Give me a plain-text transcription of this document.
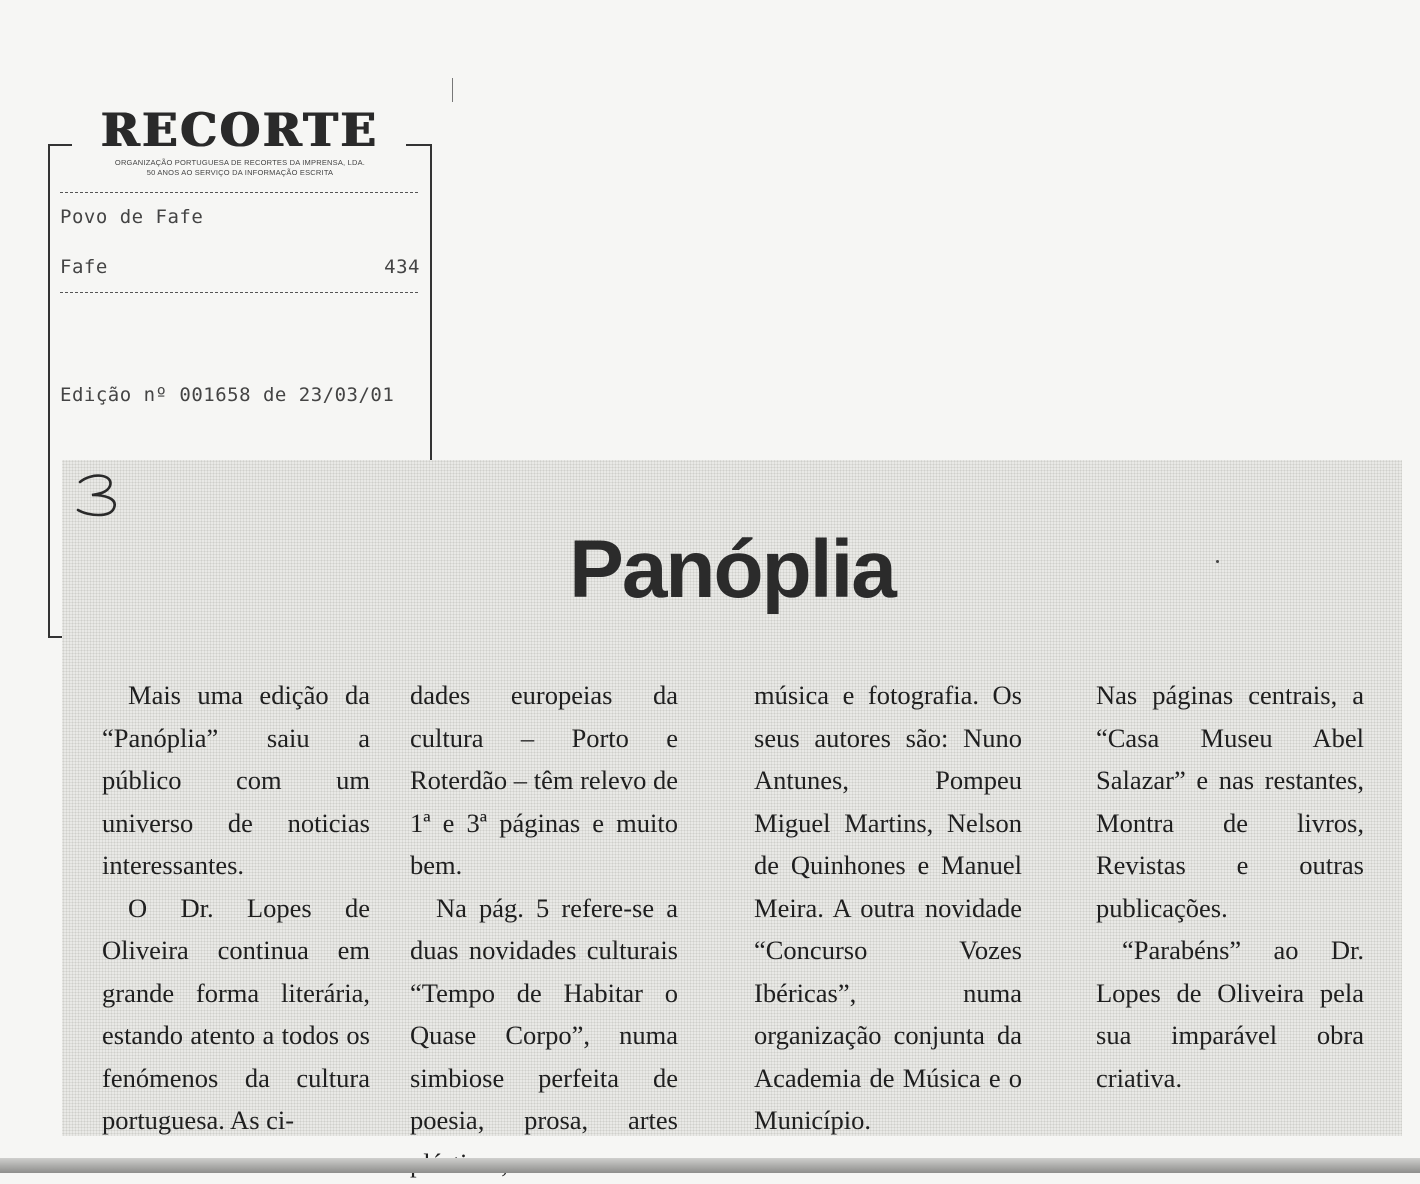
RECORTE
ORGANIZAÇÃO PORTUGUESA DE RECORTES DA IMPRENSA, LDA.
50 ANOS AO SERVIÇO DA INFORMAÇÃO ESCRITA
Povo de Fafe
Fafe	434
Edição nº 001658 de 23/03/01
Panóplia

Mais uma edição da “Panóplia” saiu a público com um universo de noticias interessantes.

O Dr. Lopes de Oliveira continua em grande forma literária, estando atento a todos os fenómenos da cultura portuguesa. As ci-

dades europeias da cultura – Porto e Roterdão – têm relevo de 1ª e 3ª páginas e muito bem.

Na pág. 5 refere-se a duas novidades culturais “Tempo de Habitar o Quase Corpo”, numa simbiose perfeita de poesia, prosa, artes

música e fotografia. Os seus autores são: Nuno Antunes, Pompeu Miguel Martins, Nelson de Quinhones e Manuel Meira. A outra novidade “Concurso Vozes Ibéricas”, numa organização conjunta da Academia de Música e o Município.

Nas páginas centrais, a “Casa Museu Abel Salazar” e nas restantes, Montra de livros, Revistas e outras publicações.

“Parabéns” ao Dr. Lopes de Oliveira pela sua imparável obra criativa.
